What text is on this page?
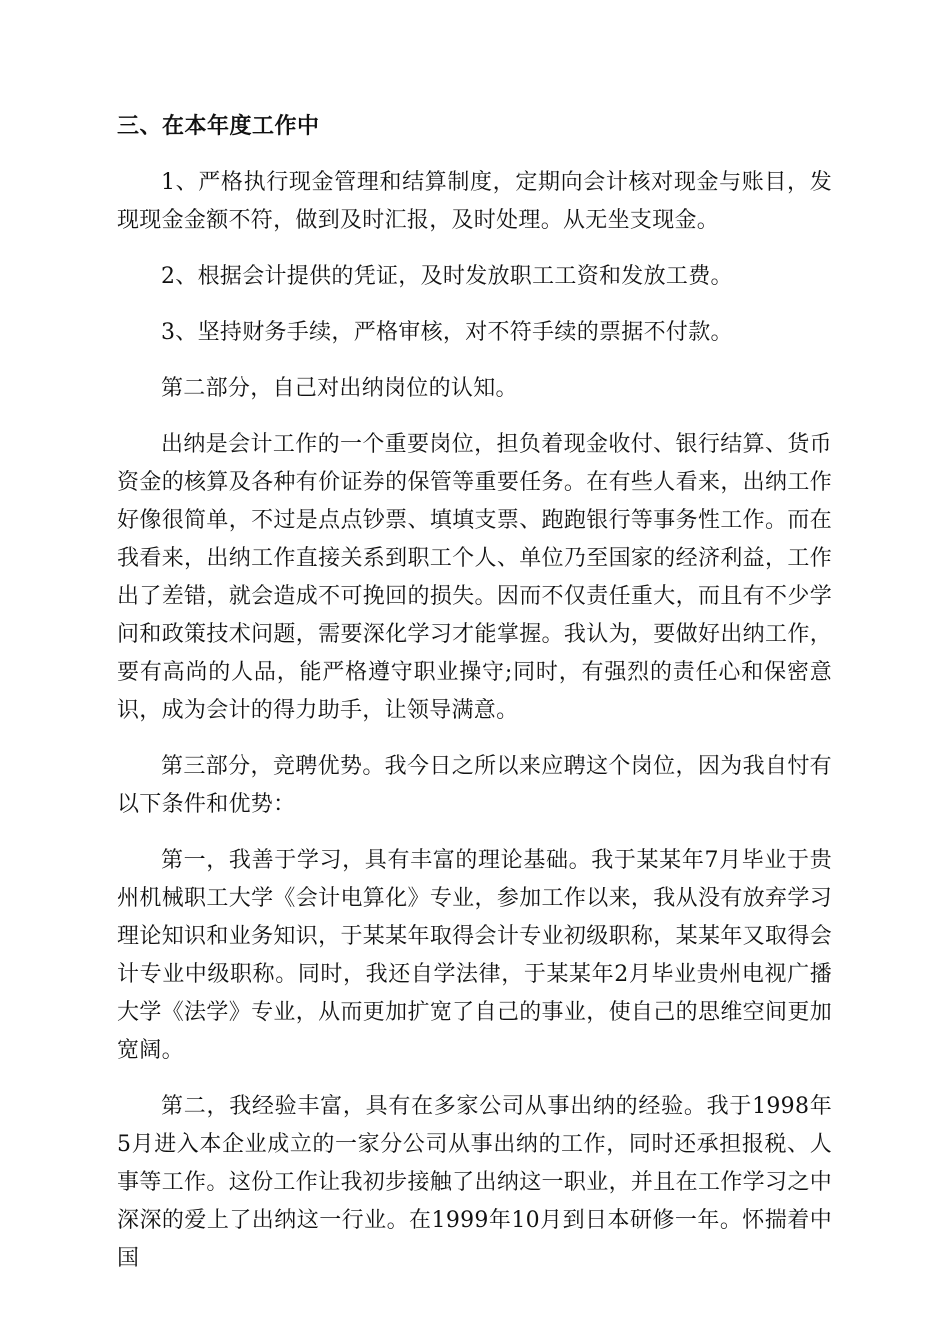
三、在本年度工作中

1、严格执行现金管理和结算制度，定期向会计核对现金与账目，发现现金金额不符，做到及时汇报，及时处理。从无坐支现金。

2、根据会计提供的凭证，及时发放职工工资和发放工费。

3、坚持财务手续，严格审核，对不符手续的票据不付款。

第二部分，自己对出纳岗位的认知。

出纳是会计工作的一个重要岗位，担负着现金收付、银行结算、货币资金的核算及各种有价证券的保管等重要任务。在有些人看来，出纳工作好像很简单，不过是点点钞票、填填支票、跑跑银行等事务性工作。而在我看来，出纳工作直接关系到职工个人、单位乃至国家的经济利益，工作出了差错，就会造成不可挽回的损失。因而不仅责任重大，而且有不少学问和政策技术问题，需要深化学习才能掌握。我认为，要做好出纳工作，要有高尚的人品，能严格遵守职业操守;同时，有强烈的责任心和保密意识，成为会计的得力助手，让领导满意。

第三部分，竞聘优势。我今日之所以来应聘这个岗位，因为我自忖有以下条件和优势：

第一，我善于学习，具有丰富的理论基础。我于某某年7月毕业于贵州机械职工大学《会计电算化》专业，参加工作以来，我从没有放弃学习理论知识和业务知识，于某某年取得会计专业初级职称，某某年又取得会计专业中级职称。同时，我还自学法律，于某某年2月毕业贵州电视广播大学《法学》专业，从而更加扩宽了自己的事业，使自己的思维空间更加宽阔。

第二，我经验丰富，具有在多家公司从事出纳的经验。我于1998年5月进入本企业成立的一家分公司从事出纳的工作，同时还承担报税、人事等工作。这份工作让我初步接触了出纳这一职业，并且在工作学习之中深深的爱上了出纳这一行业。在1999年10月到日本研修一年。怀揣着中国
